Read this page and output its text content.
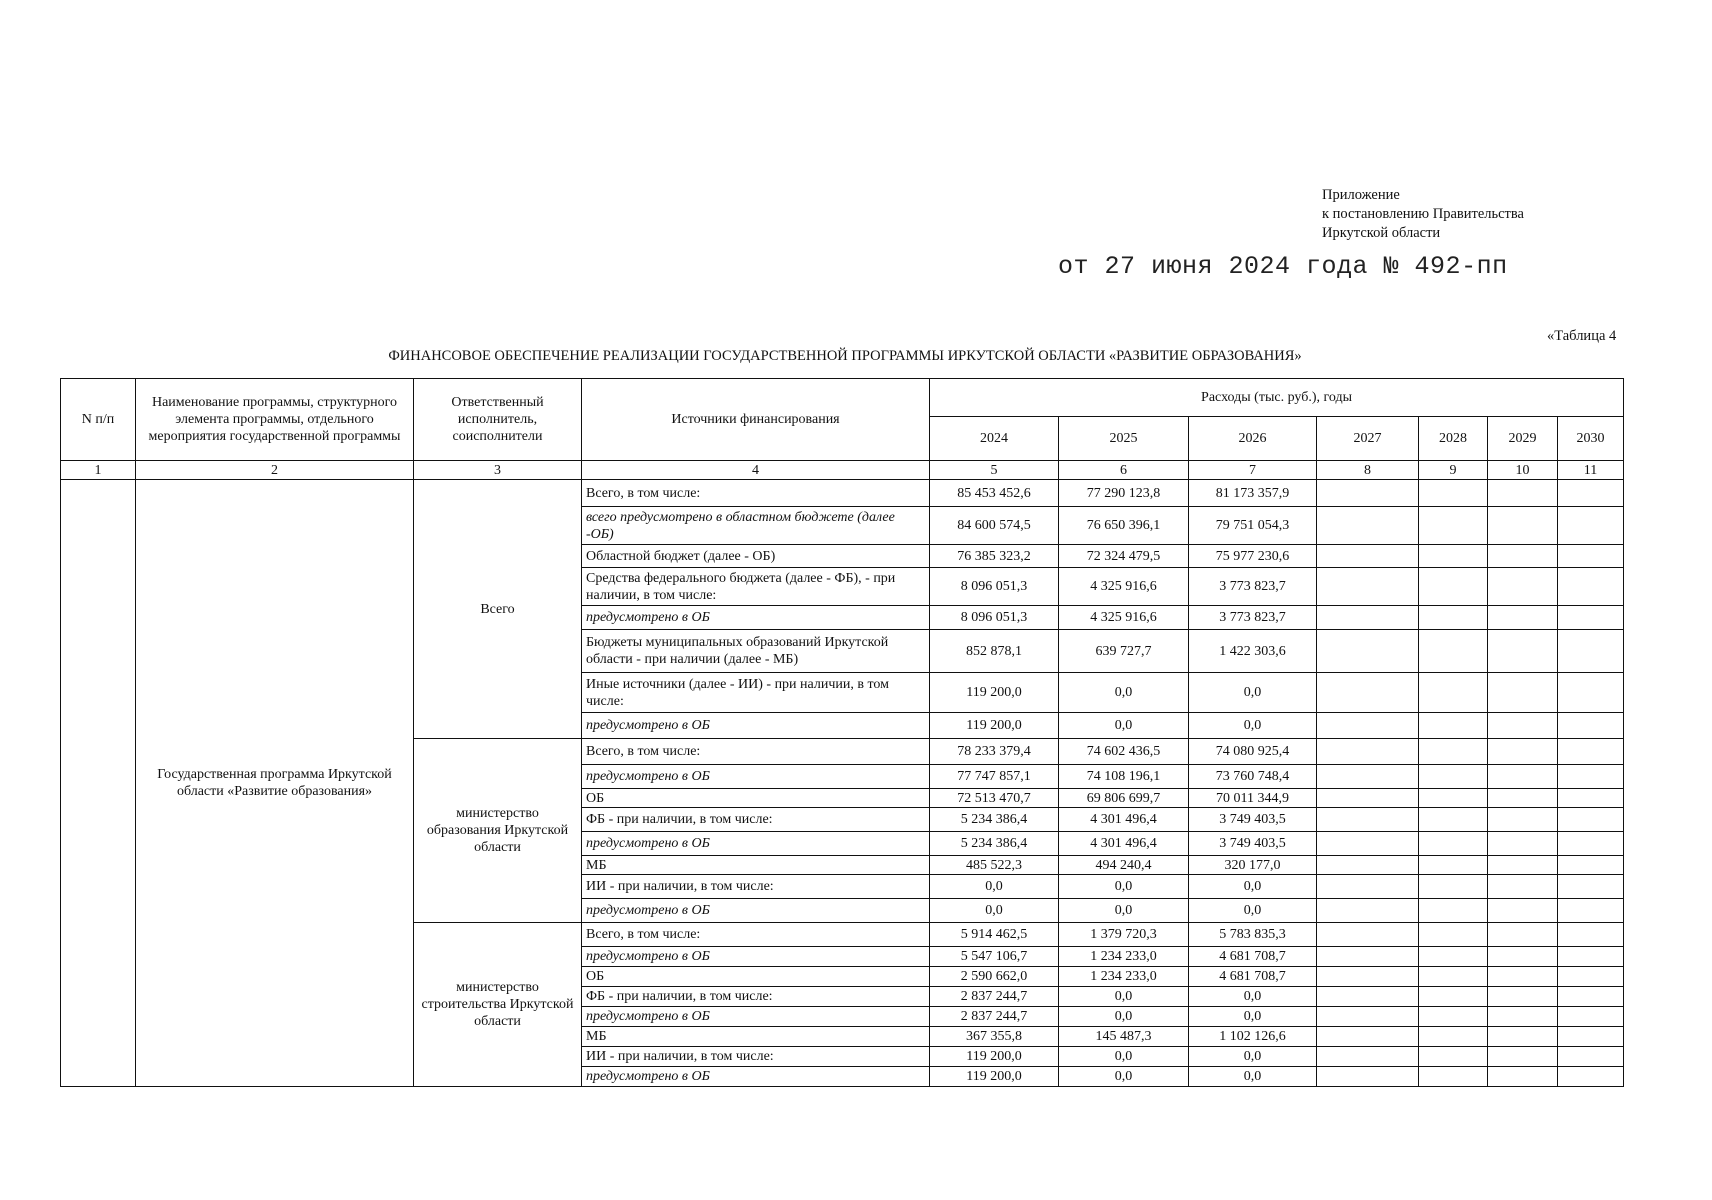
Приложение
к постановлению Правительства
Иркутской области
от 27 июня 2024 года № 492-пп
«Таблица 4
ФИНАНСОВОЕ ОБЕСПЕЧЕНИЕ РЕАЛИЗАЦИИ ГОСУДАРСТВЕННОЙ ПРОГРАММЫ ИРКУТСКОЙ ОБЛАСТИ «РАЗВИТИЕ ОБРАЗОВАНИЯ»
N п/п	Наименование программы, структурного элемента программы, отдельного мероприятия государственной программы	Ответственный исполнитель, соисполнители	Источники финансирования	Расходы (тыс. руб.), годы						
				2024	2025	2026	2027	2028	2029	2030
1	2	3	4	5	6	7	8	9	10	11
	Государственная программа Иркутской области «Развитие образования»	Всего	Всего, в том числе:	85 453 452,6	77 290 123,8	81 173 357,9				
			всего предусмотрено в областном бюджете (далее -ОБ)	84 600 574,5	76 650 396,1	79 751 054,3				
			Областной бюджет (далее - ОБ)	76 385 323,2	72 324 479,5	75 977 230,6				
			Средства федерального бюджета (далее - ФБ), - при наличии, в том числе:	8 096 051,3	4 325 916,6	3 773 823,7				
			предусмотрено в ОБ	8 096 051,3	4 325 916,6	3 773 823,7				
			Бюджеты муниципальных образований Иркутской области - при наличии (далее - МБ)	852 878,1	639 727,7	1 422 303,6				
			Иные источники (далее - ИИ) - при наличии, в том числе:	119 200,0	0,0	0,0				
			предусмотрено в ОБ	119 200,0	0,0	0,0				
		министерство образования Иркутской области	Всего, в том числе:	78 233 379,4	74 602 436,5	74 080 925,4				
			предусмотрено в ОБ	77 747 857,1	74 108 196,1	73 760 748,4				
			ОБ	72 513 470,7	69 806 699,7	70 011 344,9				
			ФБ - при наличии, в том числе:	5 234 386,4	4 301 496,4	3 749 403,5				
			предусмотрено в ОБ	5 234 386,4	4 301 496,4	3 749 403,5				
			МБ	485 522,3	494 240,4	320 177,0				
			ИИ - при наличии, в том числе:	0,0	0,0	0,0				
			предусмотрено в ОБ	0,0	0,0	0,0				
		министерство строительства Иркутской области	Всего, в том числе:	5 914 462,5	1 379 720,3	5 783 835,3				
			предусмотрено в ОБ	5 547 106,7	1 234 233,0	4 681 708,7				
			ОБ	2 590 662,0	1 234 233,0	4 681 708,7				
			ФБ - при наличии, в том числе:	2 837 244,7	0,0	0,0				
			предусмотрено в ОБ	2 837 244,7	0,0	0,0				
			МБ	367 355,8	145 487,3	1 102 126,6				
			ИИ - при наличии, в том числе:	119 200,0	0,0	0,0				
			предусмотрено в ОБ	119 200,0	0,0	0,0				
